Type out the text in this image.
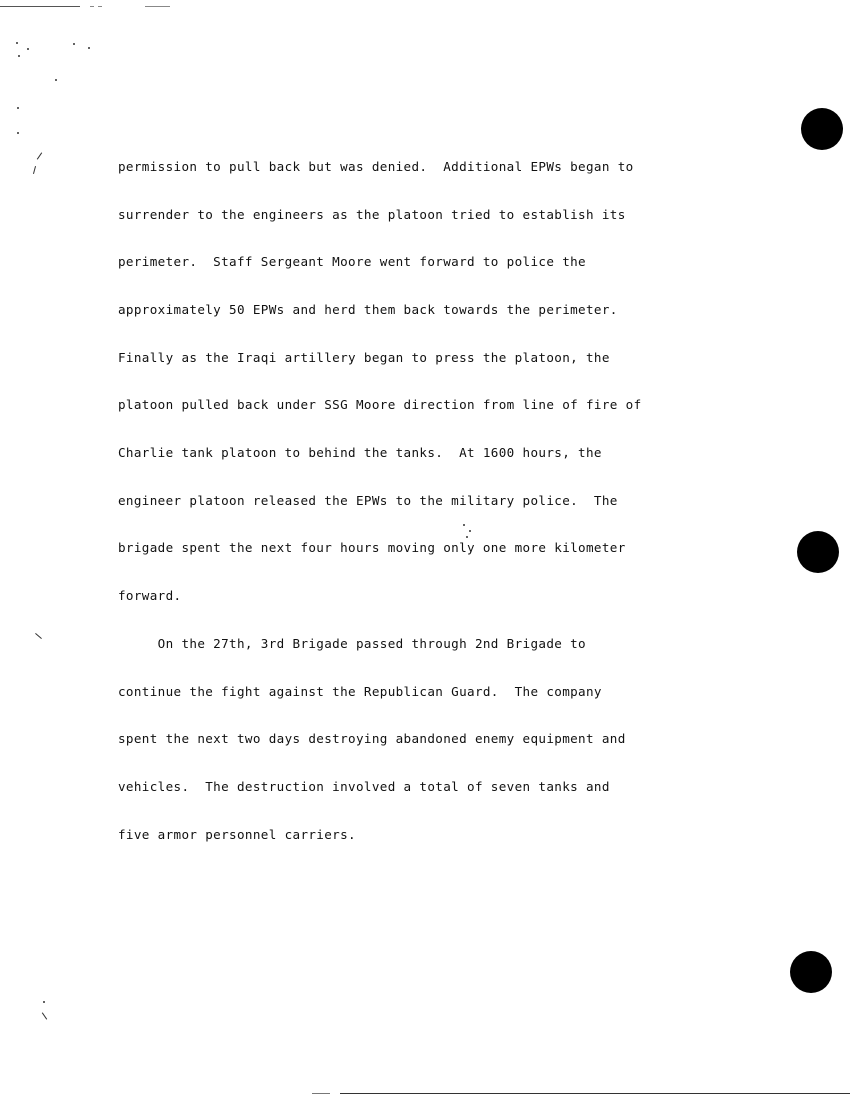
permission to pull back but was denied.  Additional EPWs began to

surrender to the engineers as the platoon tried to establish its

perimeter.  Staff Sergeant Moore went forward to police the

approximately 50 EPWs and herd them back towards the perimeter.

Finally as the Iraqi artillery began to press the platoon, the

platoon pulled back under SSG Moore direction from line of fire of

Charlie tank platoon to behind the tanks.  At 1600 hours, the

engineer platoon released the EPWs to the military police.  The

brigade spent the next four hours moving only one more kilometer

forward.

On the 27th, 3rd Brigade passed through 2nd Brigade to

continue the fight against the Republican Guard.  The company

spent the next two days destroying abandoned enemy equipment and

vehicles.  The destruction involved a total of seven tanks and

five armor personnel carriers.
